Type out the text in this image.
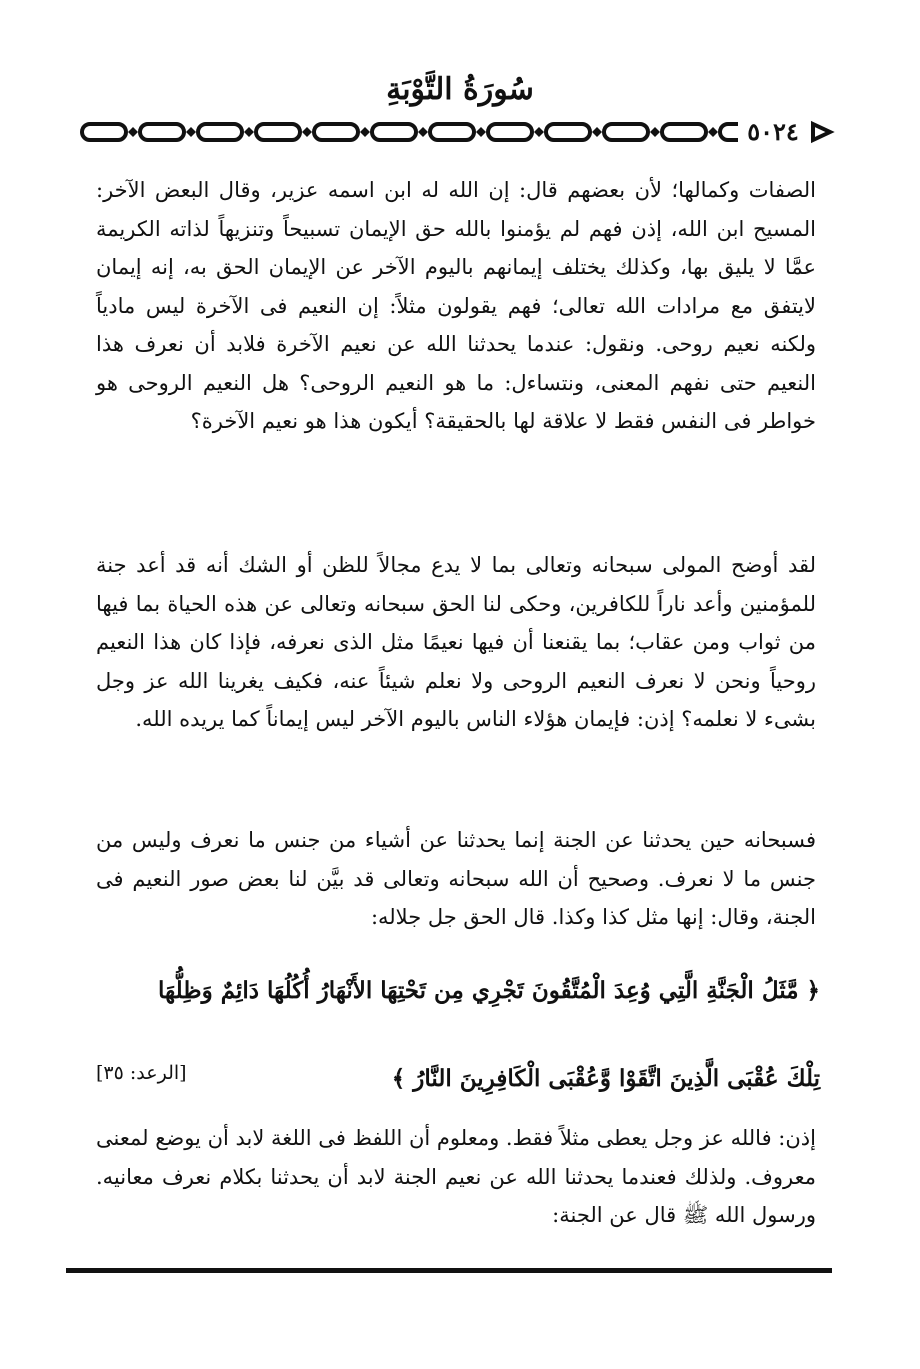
سُورَةُ التَّوْبَةِ
٥٠٢٤

الصفات وكمالها؛ لأن بعضهم قال: إن الله له ابن اسمه عزير، وقال البعض الآخر: المسيح ابن الله، إذن فهم لم يؤمنوا بالله حق الإيمان تسبيحاً وتنزيهاً لذاته الكريمة عمَّا لا يليق بها، وكذلك يختلف إيمانهم باليوم الآخر عن الإيمان الحق به، إنه إيمان لايتفق مع مرادات الله تعالى؛ فهم يقولون مثلاً: إن النعيم فى الآخرة ليس مادياً ولكنه نعيم روحى. ونقول: عندما يحدثنا الله عن نعيم الآخرة فلابد أن نعرف هذا النعيم حتى نفهم المعنى، ونتساءل: ما هو النعيم الروحى؟ هل النعيم الروحى هو خواطر فى النفس فقط لا علاقة لها بالحقيقة؟ أيكون هذا هو نعيم الآخرة؟

لقد أوضح المولى سبحانه وتعالى بما لا يدع مجالاً للظن أو الشك أنه قد أعد جنة للمؤمنين وأعد ناراً للكافرين، وحكى لنا الحق سبحانه وتعالى عن هذه الحياة بما فيها من ثواب ومن عقاب؛ بما يقنعنا أن فيها نعيمًا مثل الذى نعرفه، فإذا كان هذا النعيم روحياً ونحن لا نعرف النعيم الروحى ولا نعلم شيئاً عنه، فكيف يغرينا الله عز وجل بشىء لا نعلمه؟ إذن: فإيمان هؤلاء الناس باليوم الآخر ليس إيماناً كما يريده الله.

فسبحانه حين يحدثنا عن الجنة إنما يحدثنا عن أشياء من جنس ما نعرف وليس من جنس ما لا نعرف. وصحيح أن الله سبحانه وتعالى قد بيَّن لنا بعض صور النعيم فى الجنة، وقال: إنها مثل كذا وكذا. قال الحق جل جلاله:

﴿ مَّثَلُ الْجَنَّةِ الَّتِي وُعِدَ الْمُتَّقُونَ تَجْرِي مِن تَحْتِهَا الأَنْهَارُ أُكُلُهَا دَائِمٌ وَظِلُّهَا
تِلْكَ عُقْبَى الَّذِينَ اتَّقَوْا وَّعُقْبَى الْكَافِرِينَ النَّارُ ﴾
[الرعد: ٣٥]

إذن: فالله عز وجل يعطى مثلاً فقط. ومعلوم أن اللفظ فى اللغة لابد أن يوضع لمعنى معروف. ولذلك فعندما يحدثنا الله عن نعيم الجنة لابد أن يحدثنا بكلام نعرف معانيه. ورسول الله ﷺ قال عن الجنة:
